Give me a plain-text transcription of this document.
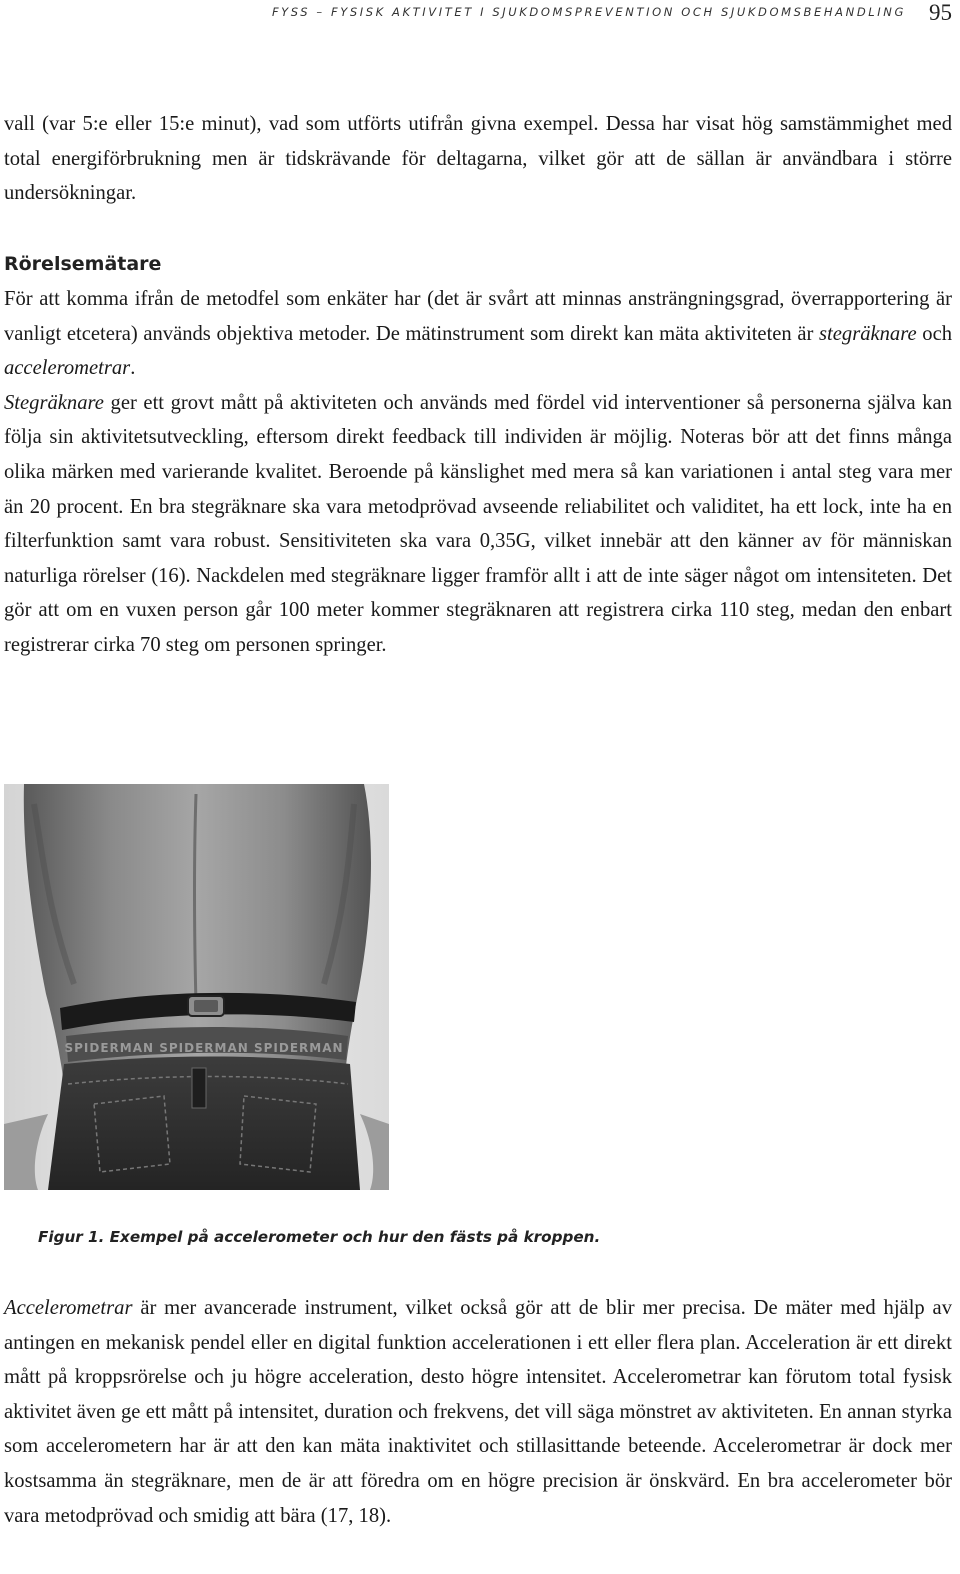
FYSS – FYSISK AKTIVITET I SJUKDOMSPREVENTION OCH SJUKDOMSBEHANDLING 95

vall (var 5:e eller 15:e minut), vad som utförts utifrån givna exempel. Dessa har visat hög samstämmighet med total energiförbrukning men är tidskrävande för deltagarna, vilket gör att de sällan är användbara i större undersökningar.

Rörelsemätare

För att komma ifrån de metodfel som enkäter har (det är svårt att minnas ansträngningsgrad, överrapportering är vanligt etcetera) används objektiva metoder. De mätinstrument som direkt kan mäta aktiviteten är stegräknare och accelerometrar.
Stegräknare ger ett grovt mått på aktiviteten och används med fördel vid interventioner så personerna själva kan följa sin aktivitetsutveckling, eftersom direkt feedback till individen är möjlig. Noteras bör att det finns många olika märken med varierande kvalitet. Beroende på känslighet med mera så kan variationen i antal steg vara mer än 20 procent. En bra stegräknare ska vara metodprövad avseende reliabilitet och validitet, ha ett lock, inte ha en filterfunktion samt vara robust. Sensitiviteten ska vara 0,35G, vilket innebär att den känner av för människan naturliga rörelser (16). Nackdelen med stegräknare ligger framför allt i att de inte säger något om intensiteten. Det gör att om en vuxen person går 100 meter kommer stegräknaren att registrera cirka 110 steg, medan den enbart registrerar cirka 70 steg om personen springer.

SPIDERMAN SPIDERMAN SPIDERMAN

Figur 1. Exempel på accelerometer och hur den fästs på kroppen.

Accelerometrar är mer avancerade instrument, vilket också gör att de blir mer precisa. De mäter med hjälp av antingen en mekanisk pendel eller en digital funktion accelerationen i ett eller flera plan. Acceleration är ett direkt mått på kroppsrörelse och ju högre acceleration, desto högre intensitet. Accelerometrar kan förutom total fysisk aktivitet även ge ett mått på intensitet, duration och frekvens, det vill säga mönstret av aktiviteten. En annan styrka som accelerometern har är att den kan mäta inaktivitet och stillasittande beteende. Accelerometrar är dock mer kostsamma än stegräknare, men de är att föredra om en högre precision är önskvärd. En bra accelerometer bör vara metodprövad och smidig att bära (17, 18).
